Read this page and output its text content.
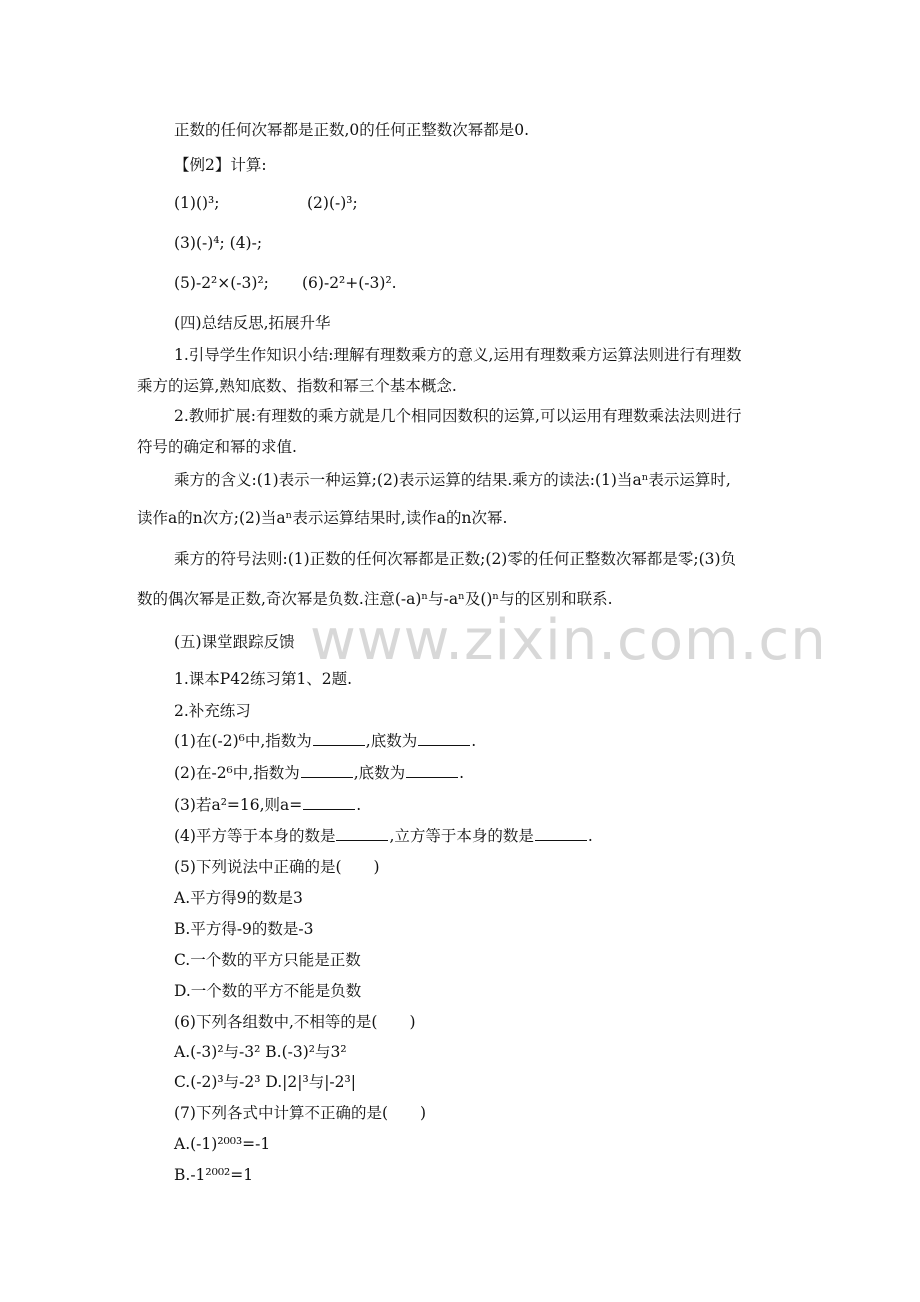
www.zixin.com.cn
正数的任何次幂都是正数,0的任何正整数次幂都是0.
【例2】计算:
(1)()³;	(2)(-)³;
(3)(-)⁴; (4)-;
(5)-2²×(-3)²; (6)-2²+(-3)².
(四)总结反思,拓展升华
1.引导学生作知识小结:理解有理数乘方的意义,运用有理数乘方运算法则进行有理数
乘方的运算,熟知底数、指数和幂三个基本概念.
2.教师扩展:有理数的乘方就是几个相同因数积的运算,可以运用有理数乘法法则进行
符号的确定和幂的求值.
乘方的含义:(1)表示一种运算;(2)表示运算的结果.乘方的读法:(1)当aⁿ表示运算时,
读作a的n次方;(2)当aⁿ表示运算结果时,读作a的n次幂.
乘方的符号法则:(1)正数的任何次幂都是正数;(2)零的任何正整数次幂都是零;(3)负
数的偶次幂是正数,奇次幂是负数.注意(-a)ⁿ与-aⁿ及()ⁿ与的区别和联系.
(五)课堂跟踪反馈
1.课本P42练习第1、2题.
2.补充练习
(1)在(-2)⁶中,指数为	,底数为	.
(2)在-2⁶中,指数为	,底数为	.
(3)若a²=16,则a=	.
(4)平方等于本身的数是	,立方等于本身的数是	.
(5)下列说法中正确的是( )
A.平方得9的数是3
B.平方得-9的数是-3
C.一个数的平方只能是正数
D.一个数的平方不能是负数
(6)下列各组数中,不相等的是( )
A.(-3)²与-3² B.(-3)²与3²
C.(-2)³与-2³ D.|2|³与|-2³|
(7)下列各式中计算不正确的是( )
A.(-1)²⁰⁰³=-1
B.-1²⁰⁰²=1
